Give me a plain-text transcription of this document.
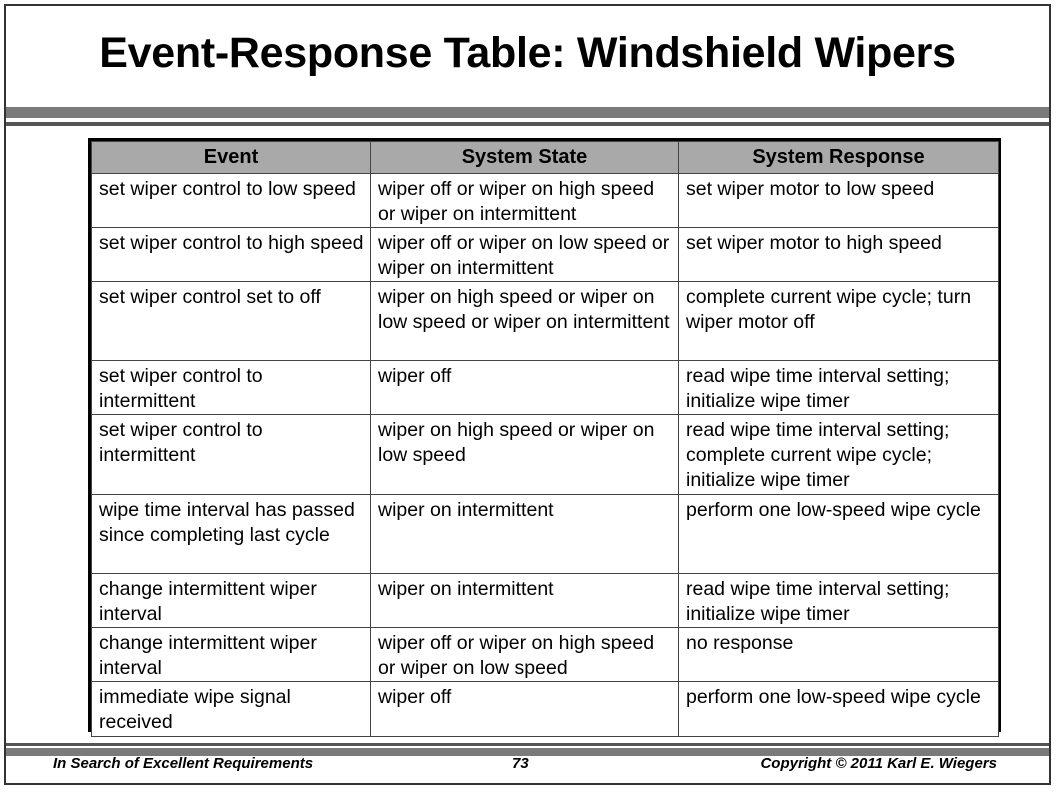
Event-Response Table: Windshield Wipers
Event	System State	System Response
set wiper control to low speed	wiper off or wiper on high speed or wiper on intermittent	set wiper motor to low speed
set wiper control to high speed	wiper off or wiper on low speed or wiper on intermittent	set wiper motor to high speed
set wiper control set to off	wiper on high speed or wiper on low speed or wiper on intermittent	complete current wipe cycle; turn wiper motor off
set wiper control to intermittent	wiper off	read wipe time interval setting; initialize wipe timer
set wiper control to intermittent	wiper on high speed or wiper on low speed	read wipe time interval setting; complete current wipe cycle; initialize wipe timer
wipe time interval has passed since completing last cycle	wiper on intermittent	perform one low-speed wipe cycle
change intermittent wiper interval	wiper on intermittent	read wipe time interval setting; initialize wipe timer
change intermittent wiper interval	wiper off or wiper on high speed or wiper on low speed	no response
immediate wipe signal received	wiper off	perform one low-speed wipe cycle
In Search of Excellent Requirements	73	Copyright © 2011 Karl E. Wiegers
